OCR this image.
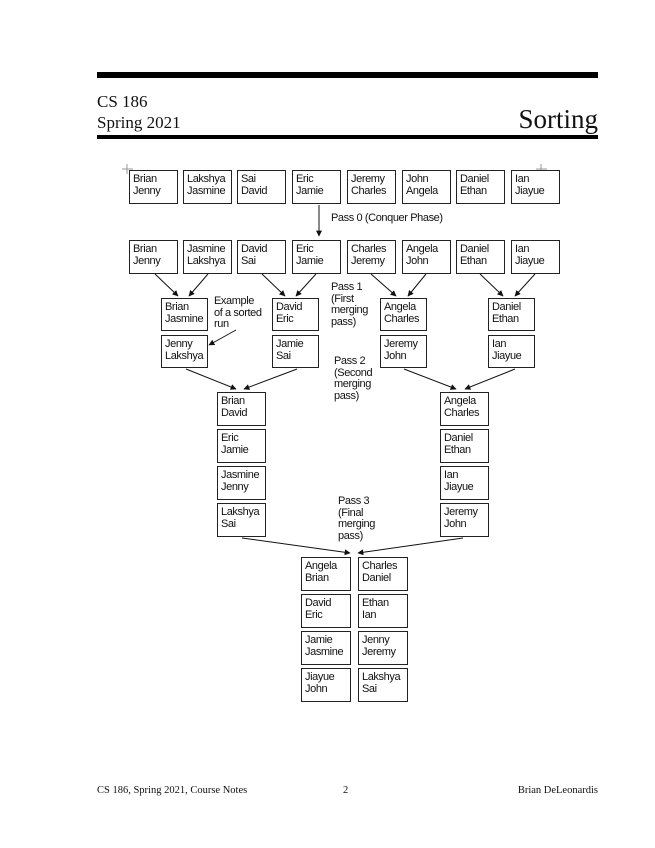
CS 186
Spring 2021	Sorting
Brian
Jenny
Lakshya
Jasmine
Sai
David
Eric
Jamie
Jeremy
Charles
John
Angela
Daniel
Ethan
Ian
Jiayue
Pass 0 (Conquer Phase)
Brian
Jenny
Jasmine
Lakshya
David
Sai
Eric
Jamie
Charles
Jeremy
Angela
John
Daniel
Ethan
Ian
Jiayue
Brian
Jasmine
Jenny
Lakshya
David
Eric
Jamie
Sai
Angela
Charles
Jeremy
John
Daniel
Ethan
Ian
Jiayue
Example
of a sorted
run
Pass 1
(First
merging
pass)
Pass 2
(Second
merging
pass)
Pass 3
(Final
merging
pass)
Brian
David
Eric
Jamie
Jasmine
Jenny
Lakshya
Sai
Angela
Charles
Daniel
Ethan
Ian
Jiayue
Jeremy
John
Angela
Brian
David
Eric
Jamie
Jasmine
Jiayue
John
Charles
Daniel
Ethan
Ian
Jenny
Jeremy
Lakshya
Sai
CS 186, Spring 2021, Course Notes	2	Brian DeLeonardis
